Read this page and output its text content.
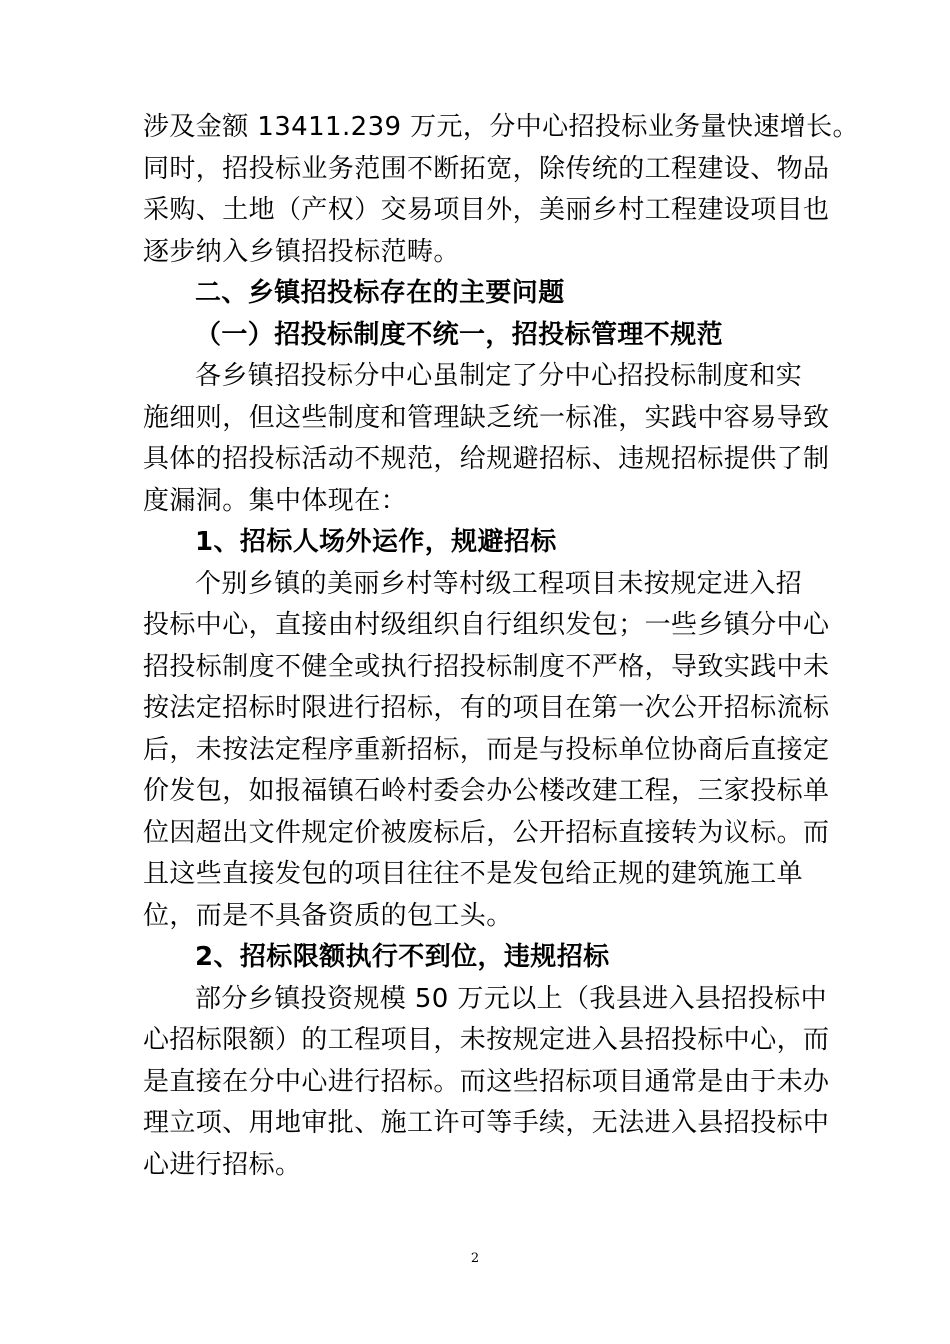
涉及金额 13411.239 万元，分中心招投标业务量快速增长。
同时，招投标业务范围不断拓宽，除传统的工程建设、物品
采购、土地（产权）交易项目外，美丽乡村工程建设项目也
逐步纳入乡镇招投标范畴。
二、乡镇招投标存在的主要问题
（一）招投标制度不统一，招投标管理不规范
各乡镇招投标分中心虽制定了分中心招投标制度和实
施细则，但这些制度和管理缺乏统一标准，实践中容易导致
具体的招投标活动不规范，给规避招标、违规招标提供了制
度漏洞。集中体现在：
1、招标人场外运作，规避招标
个别乡镇的美丽乡村等村级工程项目未按规定进入招
投标中心，直接由村级组织自行组织发包；一些乡镇分中心
招投标制度不健全或执行招投标制度不严格，导致实践中未
按法定招标时限进行招标，有的项目在第一次公开招标流标
后，未按法定程序重新招标，而是与投标单位协商后直接定
价发包，如报福镇石岭村委会办公楼改建工程，三家投标单
位因超出文件规定价被废标后，公开招标直接转为议标。而
且这些直接发包的项目往往不是发包给正规的建筑施工单
位，而是不具备资质的包工头。
2、招标限额执行不到位，违规招标
部分乡镇投资规模 50 万元以上（我县进入县招投标中
心招标限额）的工程项目，未按规定进入县招投标中心，而
是直接在分中心进行招标。而这些招标项目通常是由于未办
理立项、用地审批、施工许可等手续，无法进入县招投标中
心进行招标。
2
